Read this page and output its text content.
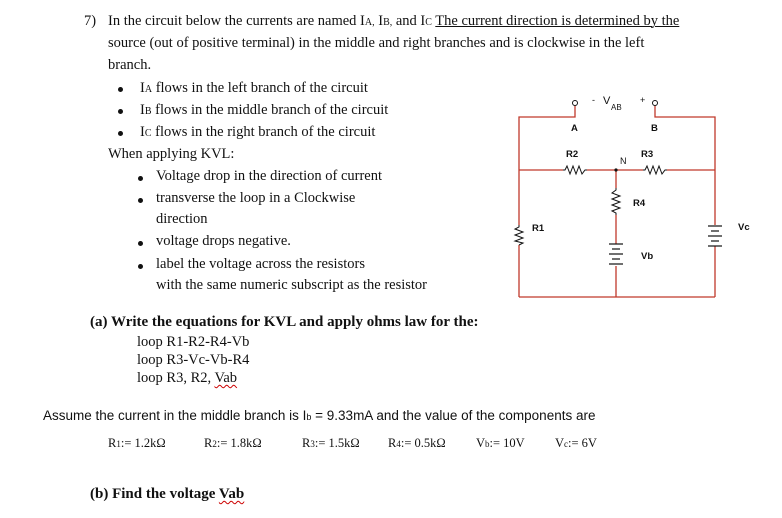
7) In the circuit below the currents are named IA, IB, and IC The current direction is determined by the
source (out of positive terminal) in the middle and right branches and is clockwise in the left
branch.
IA flows in the left branch of the circuit
IB flows in the middle branch of the circuit
IC flows in the right branch of the circuit
When applying KVL:
Voltage drop in the direction of current
transverse the loop in a Clockwise
direction
voltage drops negative.
label the voltage across the resistors
with the same numeric subscript as the resistor
(a) Write the equations for KVL and apply ohms law for the:
loop R1-R2-R4-Vb
loop R3-Vc-Vb-R4
loop R3, R2, Vab
Assume the current in the middle branch is Ib = 9.33mA and the value of the components are
R1:= 1.2kΩ	R2:= 1.8kΩ	R3:= 1.5kΩ R4:= 0.5kΩ Vb:= 10V Vc:= 6V
(b) Find the voltage Vab
- V
AB
+
A	B
R2	R3
N
R4
R1
Vb
Vc
